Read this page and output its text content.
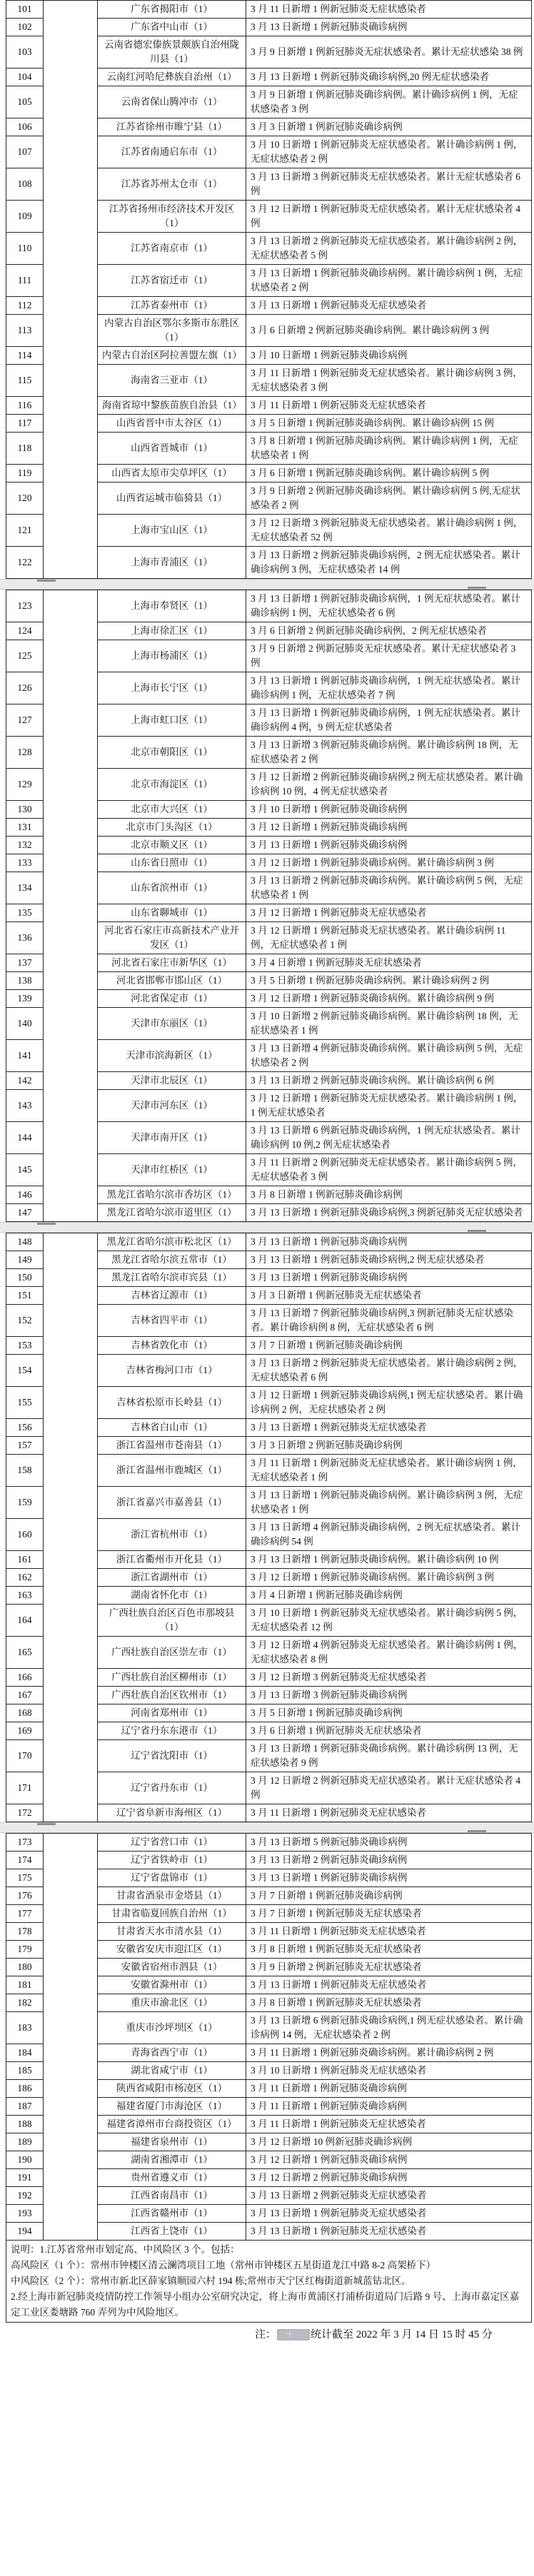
101		广东省揭阳市（1）	3 月 11 日新增 1 例新冠肺炎无症状感染者
102		广东省中山市（1）	3 月 13 日新增 1 例新冠肺炎确诊病例
103		云南省德宏傣族景颇族自治州陇川县（1）	3 月 9 日新增 1 例新冠肺炎无症状感染者。累计无症状感染 38 例
104		云南红河哈尼彝族自治州（1）	3 月 13 日新增 1 例新冠肺炎确诊病例,20 例无症状感染者
105		云南省保山腾冲市（1）	3 月 9 日新增 1 例新冠肺炎确诊病例。累计确诊病例 1 例，无症状感染者 3 例
106		江苏省徐州市睢宁县（1）	3 月 3 日新增 1 例新冠肺炎确诊病例
107		江苏省南通启东市（1）	3 月 10 日新增 1 例新冠肺炎无症状感染者。累计确诊病例 1 例，无症状感染者 2 例
108		江苏省苏州太仓市（1）	3 月 13 日新增 3 例新冠肺炎无症状感染者。累计无症状感染者 6 例
109		江苏省扬州市经济技术开发区（1）	3 月 12 日新增 1 例新冠肺炎无症状感染者。累计无症状感染者 4 例
110		江苏省南京市（1）	3 月 13 日新增 2 例新冠肺炎无症状感染者。累计确诊病例 2 例，无症状感染者 5 例
111		江苏省宿迁市（1）	3 月 13 日新增 1 例新冠肺炎确诊病例。累计确诊病例 1 例，无症状感染者 2 例
112		江苏省泰州市（1）	3 月 13 日新增 1 例新冠肺炎无症状感染者
113		内蒙古自治区鄂尔多斯市东胜区（1）	3 月 6 日新增 2 例新冠肺炎确诊病例。累计确诊病例 3 例
114		内蒙古自治区阿拉善盟左旗（1）	3 月 10 日新增 1 例新冠肺炎确诊病例
115		海南省三亚市（1）	3 月 11 日新增 1 例新冠肺炎无症状感染者。累计确诊病例 3 例，无症状感染者 3 例
116		海南省琼中黎族苗族自治县（1）	3 月 11 日新增 1 例新冠肺炎无症状感染者
117		山西省晋中市太谷区（1）	3 月 5 日新增 1 例新冠肺炎确诊病例。累计确诊病例 15 例
118		山西省晋城市（1）	3 月 8 日新增 1 例新冠肺炎确诊病例。累计确诊病例 1 例，无症状感染者 1 例
119		山西省太原市尖草坪区（1）	3 月 6 日新增 1 例新冠肺炎确诊病例。累计确诊病例 5 例
120		山西省运城市临猗县（1）	3 月 9 日新增 2 例新冠肺炎确诊病例。累计确诊病例 5 例,无症状感染者 2 例
121		上海市宝山区（1）	3 月 12 日新增 3 例新冠肺炎无症状感染者。累计确诊病例 1 例，无症状感染者 52 例
122		上海市青浦区（1）	3 月 13 日新增 2 例新冠肺炎确诊病例，2 例无症状感染者。累计确诊病例 3 例，无症状感染者 14 例
123		上海市奉贤区（1）	3 月 13 日新增 1 例新冠肺炎确诊病例，1 例无症状感染者。累计确诊病例 1 例，无症状感染者 6 例
124		上海市徐汇区（1）	3 月 6 日新增 2 例新冠肺炎确诊病例，2 例无症状感染者
125		上海市杨浦区（1）	3 月 9 日新增 2 例新冠肺炎无症状感染者。累计无症状感染者 3 例
126		上海市长宁区（1）	3 月 13 日新增 1 例新冠肺炎确诊病例，1 例无症状感染者。累计确诊病例 1 例，无症状感染者 7 例
127		上海市虹口区（1）	3 月 13 日新增 1 例新冠肺炎确诊病例，1 例无症状感染者。累计确诊病例 4 例，9 例无症状感染者
128		北京市朝阳区（1）	3 月 13 日新增 3 例新冠肺炎确诊病例。累计确诊病例 18 例，无症状感染者 2 例
129		北京市海淀区（1）	3 月 12 日新增 2 例新冠肺炎确诊病例,2 例无症状感染者。累计确诊病例 10 例，4 例无症状感染者
130		北京市大兴区（1）	3 月 10 日新增 1 例新冠肺炎确诊病例
131		北京市门头沟区（1）	3 月 12 日新增 1 例新冠肺炎确诊病例
132		北京市顺义区（1）	3 月 13 日新增 1 例新冠肺炎确诊病例
133		山东省日照市（1）	3 月 12 日新增 1 例新冠肺炎确诊病例。累计确诊病例 3 例
134		山东省滨州市（1）	3 月 13 日新增 2 例新冠肺炎确诊病例。累计确诊病例 5 例，无症状感染者 1 例
135		山东省聊城市（1）	3 月 12 日新增 1 例新冠肺炎无症状感染者
136		河北省石家庄市高新技术产业开发区（1）	3 月 12 日新增 1 例新冠肺炎无症状感染者。累计确诊病例 11 例，无症状感染者 1 例
137		河北省石家庄市新华区（1）	3 月 4 日新增 1 例新冠肺炎无症状感染者
138		河北省邯郸市邯山区（1）	3 月 5 日新增 1 例新冠肺炎确诊病例。累计确诊病例 2 例
139		河北省保定市（1）	3 月 12 日新增 1 例新冠肺炎确诊病例。累计确诊病例 9 例
140		天津市东丽区（1）	3 月 10 日新增 2 例新冠肺炎确诊病例。累计确诊病例 18 例，无症状感染者 1 例
141		天津市滨海新区（1）	3 月 13 日新增 4 例新冠肺炎确诊病例。累计确诊病例 5 例，无症状感染者 2 例
142		天津市北辰区（1）	3 月 13 日新增 2 例新冠肺炎确诊病例。累计确诊病例 6 例
143		天津市河东区（1）	3 月 12 日新增 1 例新冠肺炎无症状感染者。累计确诊病例 1 例，1 例无症状感染者
144		天津市南开区（1）	3 月 13 日新增 6 例新冠肺炎确诊病例，1 例无症状感染者。累计确诊病例 10 例,2 例无症状感染者
145		天津市红桥区（1）	3 月 11 日新增 2 例新冠肺炎无症状感染者。累计确诊病例 5 例，无症状感染者 3 例
146		黑龙江省哈尔滨市香坊区（1）	3 月 8 日新增 1 例新冠肺炎确诊病例
147		黑龙江省哈尔滨市道里区（1）	3 月 13 日新增 1 例新冠肺炎确诊病例,3 例新冠肺炎无症状感染者
148		黑龙江省哈尔滨市松北区（1）	3 月 13 日新增 1 例新冠肺炎确诊病例
149		黑龙江省哈尔滨五常市（1）	3 月 13 日新增 1 例新冠肺炎确诊病例,2 例无症状感染者
150		黑龙江省哈尔滨市宾县（1）	3 月 13 日新增 1 例新冠肺炎确诊病例
151		吉林省辽源市（1）	3 月 3 日新增 1 例新冠肺炎无症状感染者
152		吉林省四平市（1）	3 月 13 日新增 7 例新冠肺炎确诊病例,3 例新冠肺炎无症状感染者。累计确诊病例 8 例，无症状感染者 6 例
153		吉林省敦化市（1）	3 月 7 日新增 1 例新冠肺炎确诊病例
154		吉林省梅河口市（1）	3 月 13 日新增 2 例新冠肺炎无症状感染者。累计确诊病例 2 例，无症状感染者 6 例
155		吉林省松原市长岭县（1）	3 月 12 日新增 1 例新冠肺炎确诊病例,1 例无症状感染者。累计确诊病例 2 例，无症状感染者 2 例
156		吉林省白山市（1）	3 月 13 日新增 1 例新冠肺炎无症状感染者
157		浙江省温州市苍南县（1）	3 月 3 日新增 2 例新冠肺炎确诊病例
158		浙江省温州市鹿城区（1）	3 月 11 日新增 1 例新冠肺炎无症状感染者。累计确诊病例 1 例，无症状感染者 1 例
159		浙江省嘉兴市嘉善县（1）	3 月 13 日新增 1 例新冠肺炎确诊病例。累计确诊病例 3 例，无症状感染者 1 例
160		浙江省杭州市（1）	3 月 13 日新增 4 例新冠肺炎确诊病例，2 例无症状感染者。累计确诊病例 54 例
161		浙江省衢州市开化县（1）	3 月 13 日新增 1 例新冠肺炎确诊病例。累计确诊病例 10 例
162		浙江省湖州市（1）	3 月 12 日新增 1 例新冠肺炎确诊病例。累计确诊病例 3 例
163		湖南省怀化市（1）	3 月 4 日新增 1 例新冠肺炎确诊病例
164		广西壮族自治区百色市那坡县（1）	3 月 10 日新增 1 例新冠肺炎无症状感染者。累计确诊病例 5 例，无症状感染者 12 例
165		广西壮族自治区崇左市（1）	3 月 12 日新增 4 例新冠肺炎无症状感染者。累计确诊病例 1 例，无症状感染者 8 例
166		广西壮族自治区柳州市（1）	3 月 12 日新增 3 例新冠肺炎无症状感染者
167		广西壮族自治区钦州市（1）	3 月 13 日新增 3 例新冠肺炎确诊病例
168		河南省郑州市（1）	3 月 5 日新增 1 例新冠肺炎确诊病例
169		辽宁省丹东东港市（1）	3 月 6 日新增 1 例新冠肺炎无症状感染者
170		辽宁省沈阳市（1）	3 月 13 日新增 1 例新冠肺炎确诊病例。累计确诊病例 13 例，无症状感染者 9 例
171		辽宁省丹东市（1）	3 月 12 日新增 2 例新冠肺炎无症状感染者。累计无症状感染者 4 例
172		辽宁省阜新市海州区（1）	3 月 11 日新增 1 例新冠肺炎无症状感染者
173		辽宁省营口市（1）	3 月 13 日新增 5 例新冠肺炎确诊病例
174		辽宁省铁岭市（1）	3 月 13 日新增 2 例新冠肺炎确诊病例
175		辽宁省盘锦市（1）	3 月 13 日新增 1 例新冠肺炎确诊病例
176		甘肃省酒泉市金塔县（1）	3 月 7 日新增 1 例新冠肺炎确诊病例
177		甘肃省临夏回族自治州（1）	3 月 7 日新增 1 例新冠肺炎无症状感染者
178		甘肃省天水市清水县（1）	3 月 11 日新增 1 例新冠肺炎无症状感染者
179		安徽省安庆市迎江区（1）	3 月 8 日新增 1 例新冠肺炎无症状感染者
180		安徽省宿州市泗县（1）	3 月 9 日新增 2 例新冠肺炎无症状感染者
181		安徽省滁州市（1）	3 月 13 日新增 1 例新冠肺炎无症状感染者
182		重庆市渝北区（1）	3 月 8 日新增 1 例新冠肺炎无症状感染者
183		重庆市沙坪坝区（1）	3 月 13 日新增 6 例新冠肺炎确诊病例,1 例无症状感染者。累计确诊病例 14 例，无症状感染者 2 例
184		青海省西宁市（1）	3 月 11 日新增 1 例新冠肺炎确诊病例。累计确诊病例 2 例
185		湖北省咸宁市（1）	3 月 10 日新增 1 例新冠肺炎无症状感染者
186		陕西省咸阳市杨凌区（1）	3 月 11 日新增 1 例新冠肺炎确诊病例
187		福建省厦门市海沧区（1）	3 月 11 日新增 1 例新冠肺炎确诊病例
188		福建省漳州市台商投资区（1）	3 月 11 日新增 1 例新冠肺炎无症状感染者
189		福建省泉州市（1）	3 月 12 日新增 10 例新冠肺炎确诊病例
190		湖南省湘潭市（1）	3 月 12 日新增 1 例新冠肺炎确诊病例
191		贵州省遵义市（1）	3 月 12 日新增 2 例新冠肺炎确诊病例
192		江西省南昌市（1）	3 月 13 日新增 2 例新冠肺炎无症状感染者
193		江西省赣州市（1）	3 月 13 日新增 1 例新冠肺炎无症状感染者
194		江西省上饶市（1）	3 月 13 日新增 1 例新冠肺炎无症状感染者

说明：1.江苏省常州市划定高、中风险区 3 个。包括：

高风险区（1 个）：常州市钟楼区清云澜湾项目工地（常州市钟楼区五星街道龙江中路 8-2 高架桥下）

中风险区（2 个）：常州市新北区薛家镇顺园六村 194 栋;常州市天宁区红梅街道新城蓝钻北区。

2.经上海市新冠肺炎疫情防控工作领导小组办公室研究决定，将上海市黄浦区打浦桥街道局门后路 9 号、上海市嘉定区嘉定工业区娄塘路 760 弄列为中风险地区。			

注： ＋ 统计截至 2022 年 3 月 14 日 15 时 45 分
